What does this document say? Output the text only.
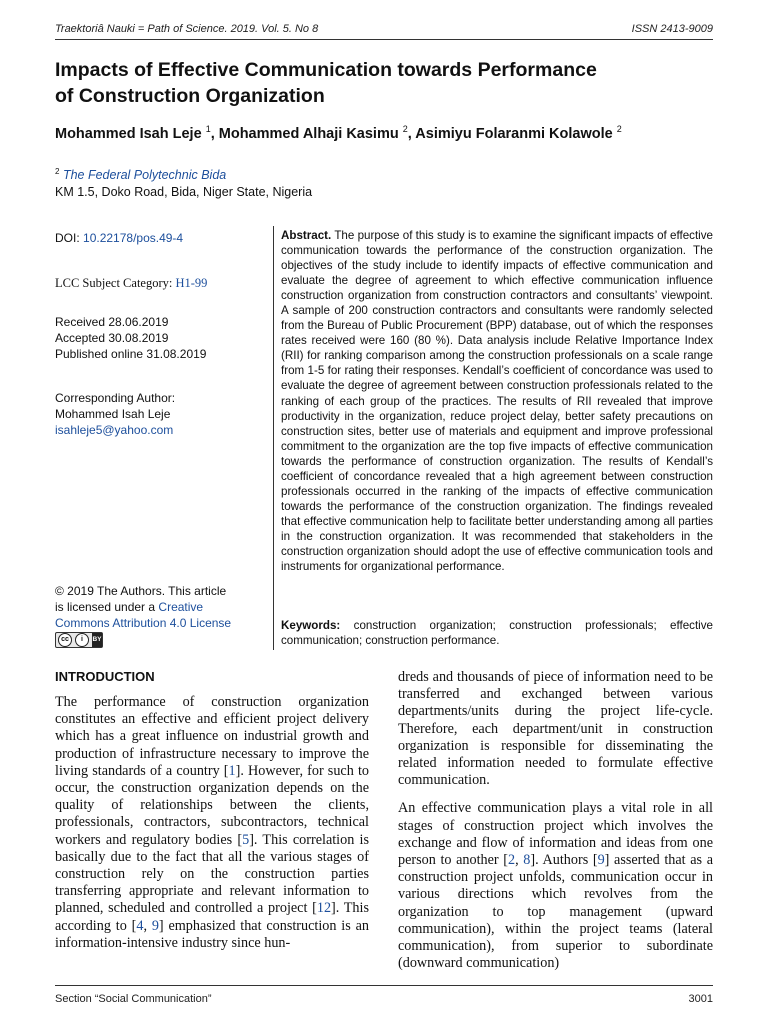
Traektoriâ Nauki = Path of Science. 2019. Vol. 5. No 8	ISSN 2413-9009
Impacts of Effective Communication towards Performance
of Construction Organization
Mohammed Isah Leje $^1$, Mohammed Alhaji Kasimu $^2$, Asimiyu Folaranmi Kolawole $^2$
$^2$ The Federal Polytechnic Bida
KM 1.5, Doko Road, Bida, Niger State, Nigeria
DOI: 10.22178/pos.49-4
LCC Subject Category: H1-99
Received 28.06.2019
Accepted 30.08.2019
Published online 31.08.2019
Corresponding Author:
Mohammed Isah Leje
isahleje5@yahoo.com
© 2019 The Authors. This article
is licensed under a Creative
Commons Attribution 4.0 License
cc	i	BY
Abstract. The purpose of this study is to examine the significant impacts of effective communication towards the performance of the construction organization. The objectives of the study include to identify impacts of effective communication and evaluate the degree of agreement to which effective communication influence construction organization from construction contractors and consultants’ viewpoint. A sample of 200 construction contractors and consultants were randomly selected from the Bureau of Public Procurement (BPP) database, out of which the responses rates received were 160 (80 %). Data analysis include Relative Importance Index (RII) for ranking comparison among the construction professionals on a scale range from 1-5 for rating their responses. Kendall’s coefficient of concordance was used to evaluate the degree of agreement between construction professionals related to the ranking of each group of the practices. The results of RII revealed that improve productivity in the organization, reduce project delay, better safety precautions on construction sites, better use of materials and equipment and improve professional commitment to the organization are the top five impacts of effective communication towards the performance of construction organization. The results of Kendall’s coefficient of concordance revealed that a high agreement between construction professionals occurred in the ranking of the impacts of effective communication towards the performance of the construction organization. The findings revealed that effective communication help to facilitate better understanding among all parties in the construction organization. It was recommended that stakeholders in the construction organization should adopt the use of effective communication tools and instruments for organizational performance.
Keywords: construction organization; construction professionals; effective communication; construction performance.
INTRODUCTION

The performance of construction organization constitutes an effective and efficient project delivery which has a great influence on industrial growth and production of infrastructure necessary to improve the living standards of a country [1]. However, for such to occur, the construction organization depends on the quality of relationships between the clients, professionals, contractors, subcontractors, technical workers and regulatory bodies [5]. This correlation is basically due to the fact that all the various stages of construction rely on the construction parties transferring appropriate and relevant information to planned, scheduled and controlled a project [12]. This according to [4, 9] emphasized that construction is an information-intensive industry since hun-

dreds and thousands of piece of information need to be transferred and exchanged between various departments/units during the project life-cycle. Therefore, each department/unit in construction organization is responsible for disseminating the related information needed to formulate effective communication.

An effective communication plays a vital role in all stages of construction project which involves the exchange and flow of information and ideas from one person to another [2, 8]. Authors [9] asserted that as a construction project unfolds, communication occur in various directions which revolves from the organization to top management (upward communication), within the project teams (lateral communication), from superior to subordinate (downward communication)

Section “Social Communication”	3001
